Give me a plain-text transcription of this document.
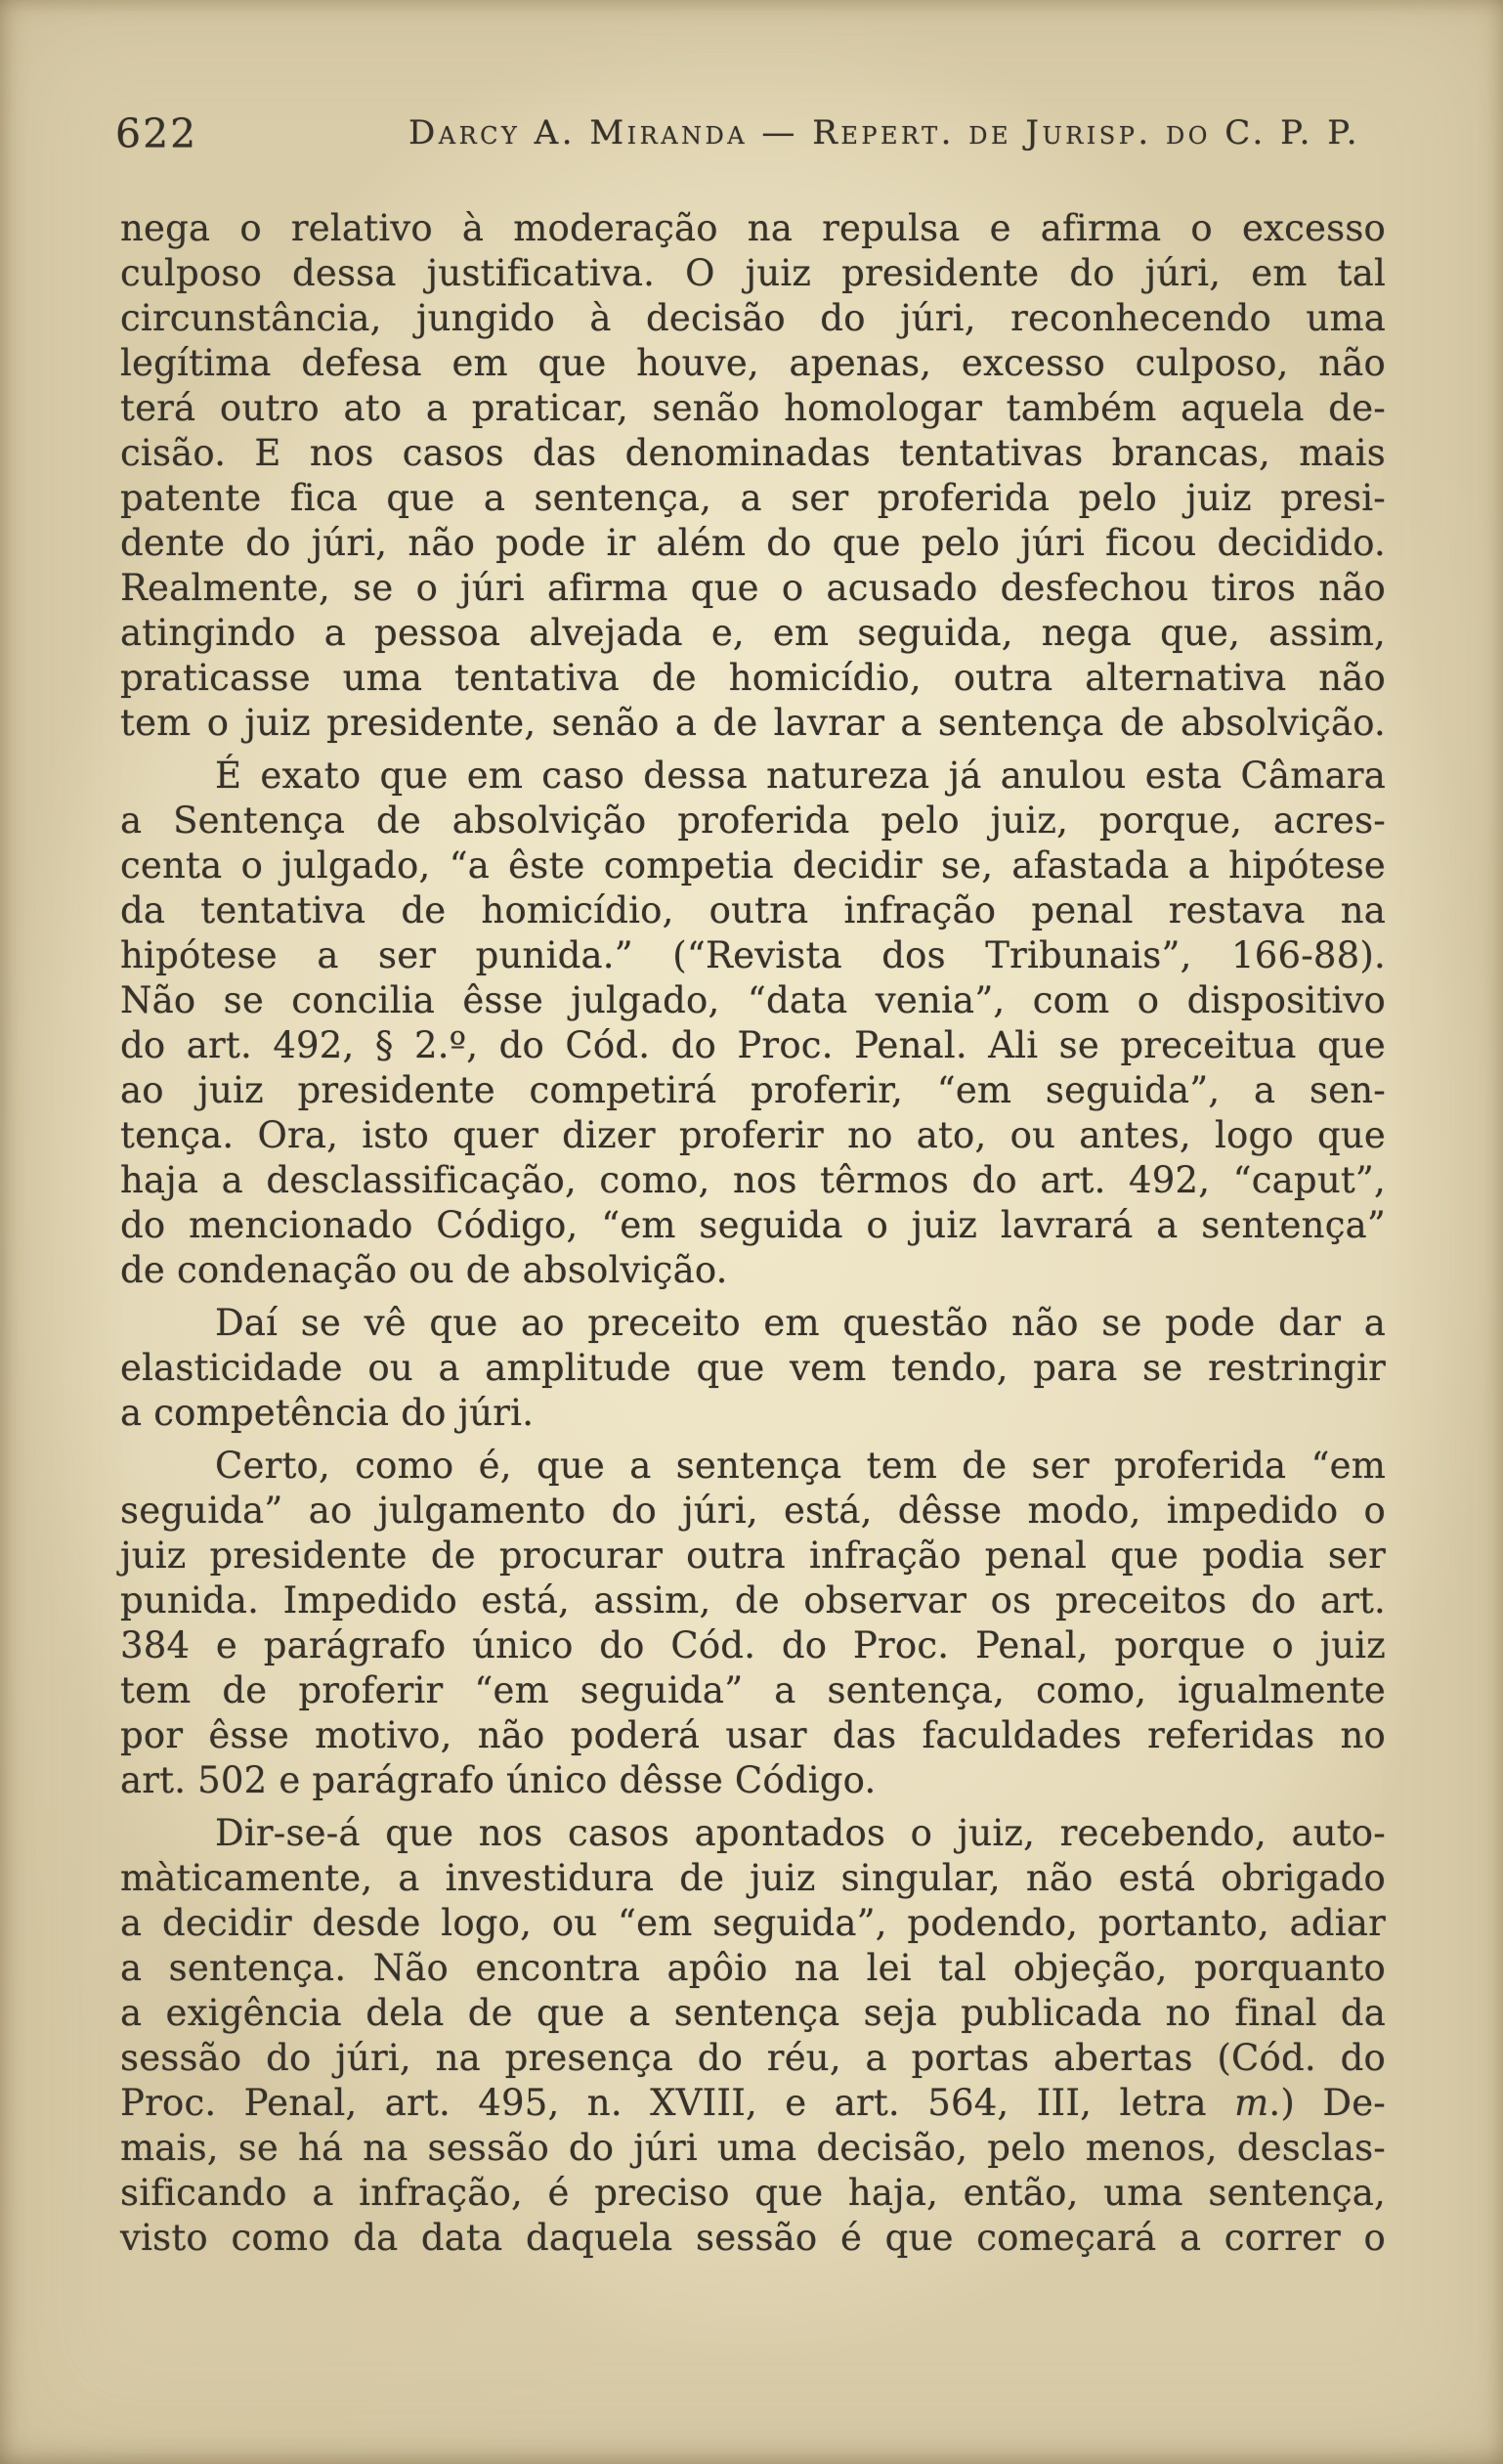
622	Darcy A. Miranda — Repert. de Jurisp. do C. P. P.
nega o relativo à moderação na repulsa e afirma o excesso
culposo dessa justificativa. O juiz presidente do júri, em tal
circunstância, jungido à decisão do júri, reconhecendo uma
legítima defesa em que houve, apenas, excesso culposo, não
terá outro ato a praticar, senão homologar também aquela de-
cisão. E nos casos das denominadas tentativas brancas, mais
patente fica que a sentença, a ser proferida pelo juiz presi-
dente do júri, não pode ir além do que pelo júri ficou decidido.
Realmente, se o júri afirma que o acusado desfechou tiros não
atingindo a pessoa alvejada e, em seguida, nega que, assim,
praticasse uma tentativa de homicídio, outra alternativa não
tem o juiz presidente, senão a de lavrar a sentença de absolvição.
É exato que em caso dessa natureza já anulou esta Câmara
a Sentença de absolvição proferida pelo juiz, porque, acres-
centa o julgado, “a êste competia decidir se, afastada a hipótese
da tentativa de homicídio, outra infração penal restava na
hipótese a ser punida.” (“Revista dos Tribunais”, 166-88).
Não se concilia êsse julgado, “data venia”, com o dispositivo
do art. 492, § 2.º, do Cód. do Proc. Penal. Ali se preceitua que
ao juiz presidente competirá proferir, “em seguida”, a sen-
tença. Ora, isto quer dizer proferir no ato, ou antes, logo que
haja a desclassificação, como, nos têrmos do art. 492, “caput”,
do mencionado Código, “em seguida o juiz lavrará a sentença”
de condenação ou de absolvição.
Daí se vê que ao preceito em questão não se pode dar a
elasticidade ou a amplitude que vem tendo, para se restringir
a competência do júri.
Certo, como é, que a sentença tem de ser proferida “em
seguida” ao julgamento do júri, está, dêsse modo, impedido o
juiz presidente de procurar outra infração penal que podia ser
punida. Impedido está, assim, de observar os preceitos do art.
384 e parágrafo único do Cód. do Proc. Penal, porque o juiz
tem de proferir “em seguida” a sentença, como, igualmente
por êsse motivo, não poderá usar das faculdades referidas no
art. 502 e parágrafo único dêsse Código.
Dir-se-á que nos casos apontados o juiz, recebendo, auto-
màticamente, a investidura de juiz singular, não está obrigado
a decidir desde logo, ou “em seguida”, podendo, portanto, adiar
a sentença. Não encontra apôio na lei tal objeção, porquanto
a exigência dela de que a sentença seja publicada no final da
sessão do júri, na presença do réu, a portas abertas (Cód. do
Proc. Penal, art. 495, n. XVIII, e art. 564, III, letra m.) De-
mais, se há na sessão do júri uma decisão, pelo menos, desclas-
sificando a infração, é preciso que haja, então, uma sentença,
visto como da data daquela sessão é que começará a correr o
